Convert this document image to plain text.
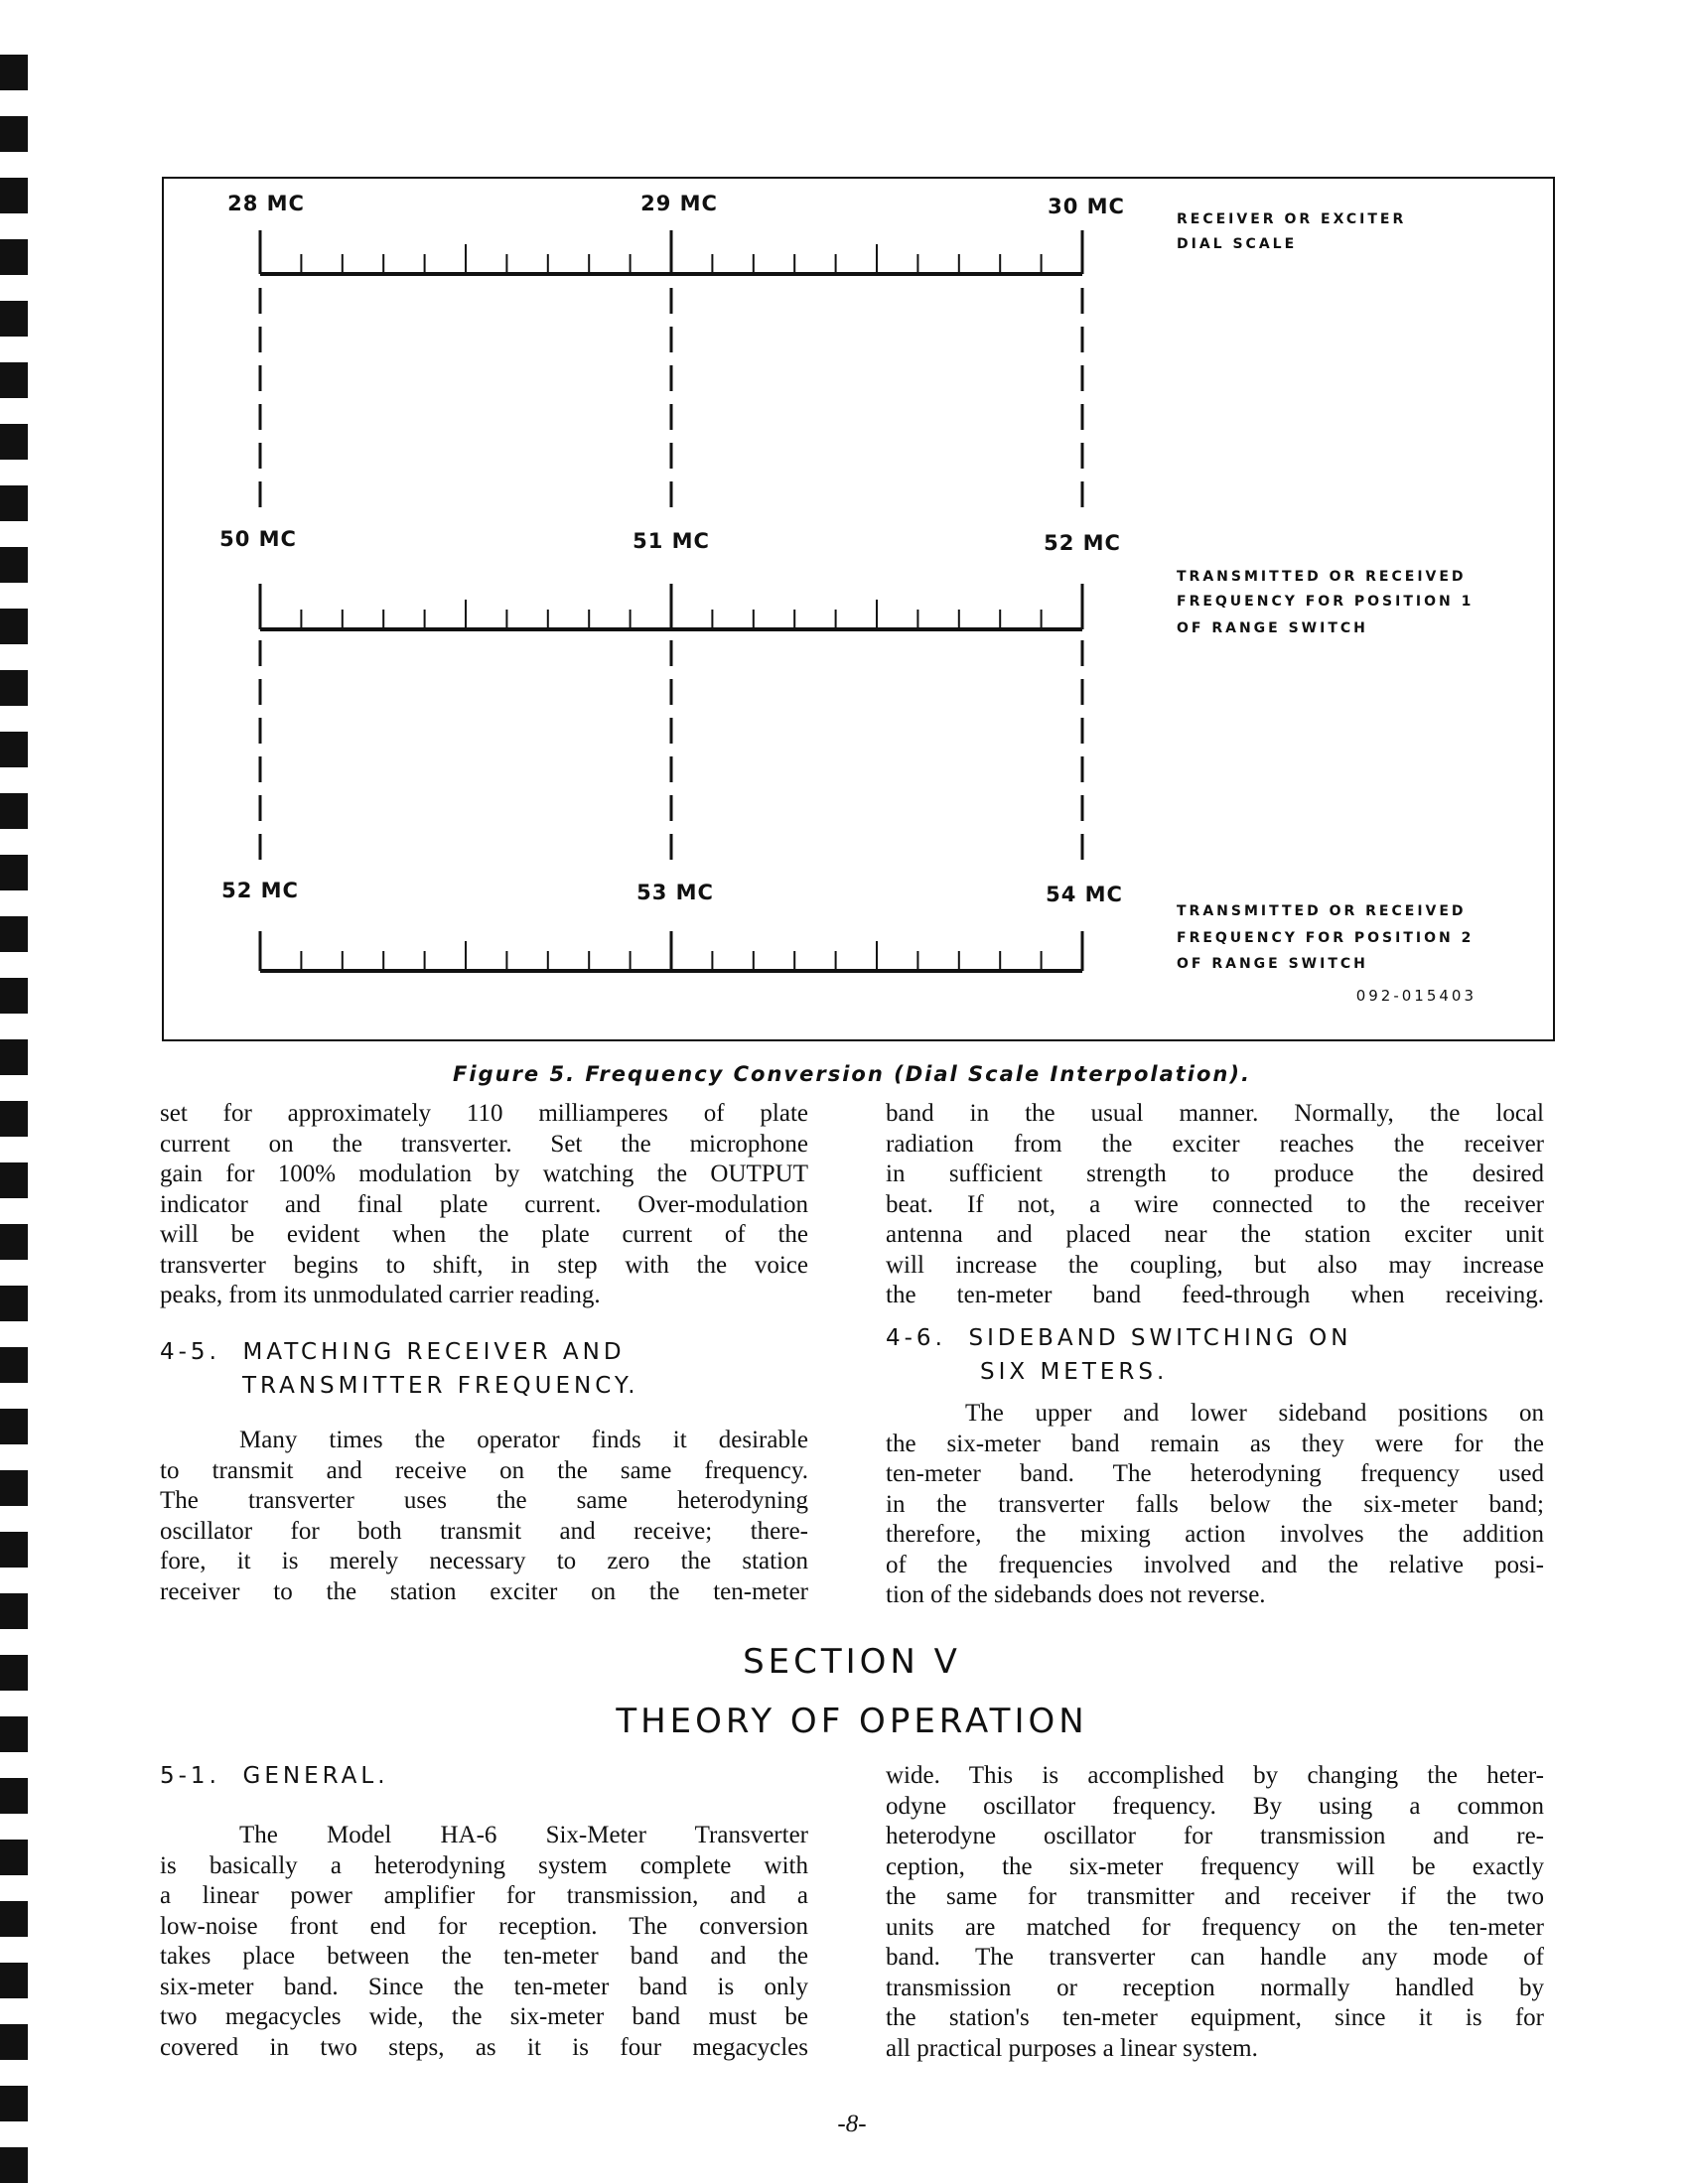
28 MC	29 MC	30 MC
50 MC	51 MC	52 MC
52 MC	53 MC	54 MC
RECEIVER OR EXCITER
DIAL SCALE
TRANSMITTED OR RECEIVED
FREQUENCY FOR POSITION 1
OF RANGE SWITCH
TRANSMITTED OR RECEIVED
FREQUENCY FOR POSITION 2
OF RANGE SWITCH
092-015403
Figure 5. Frequency Conversion (Dial Scale Interpolation).
set for approximately 110 milliamperes of plate
current on the transverter. Set the microphone
gain for 100% modulation by watching the OUTPUT
indicator and final plate current. Over-modulation
will be evident when the plate current of the
transverter begins to shift, in step with the voice
peaks, from its unmodulated carrier reading.
band in the usual manner. Normally, the local
radiation from the exciter reaches the receiver
in sufficient strength to produce the desired
beat. If not, a wire connected to the receiver
antenna and placed near the station exciter unit
will increase the coupling, but also may increase
the ten-meter band feed-through when receiving.
4-5. MATCHING RECEIVER AND
TRANSMITTER FREQUENCY.
Many times the operator finds it desirable
to transmit and receive on the same frequency.
The transverter uses the same heterodyning
oscillator for both transmit and receive; there-
fore, it is merely necessary to zero the station
receiver to the station exciter on the ten-meter
4-6. SIDEBAND SWITCHING ON
SIX METERS.
The upper and lower sideband positions on
the six-meter band remain as they were for the
ten-meter band. The heterodyning frequency used
in the transverter falls below the six-meter band;
therefore, the mixing action involves the addition
of the frequencies involved and the relative posi-
tion of the sidebands does not reverse.
SECTION V
THEORY OF OPERATION
5-1. GENERAL.
The Model HA-6 Six-Meter Transverter
is basically a heterodyning system complete with
a linear power amplifier for transmission, and a
low-noise front end for reception. The conversion
takes place between the ten-meter band and the
six-meter band. Since the ten-meter band is only
two megacycles wide, the six-meter band must be
covered in two steps, as it is four megacycles
wide. This is accomplished by changing the heter-
odyne oscillator frequency. By using a common
heterodyne oscillator for transmission and re-
ception, the six-meter frequency will be exactly
the same for transmitter and receiver if the two
units are matched for frequency on the ten-meter
band. The transverter can handle any mode of
transmission or reception normally handled by
the station's ten-meter equipment, since it is for
all practical purposes a linear system.
-8-
